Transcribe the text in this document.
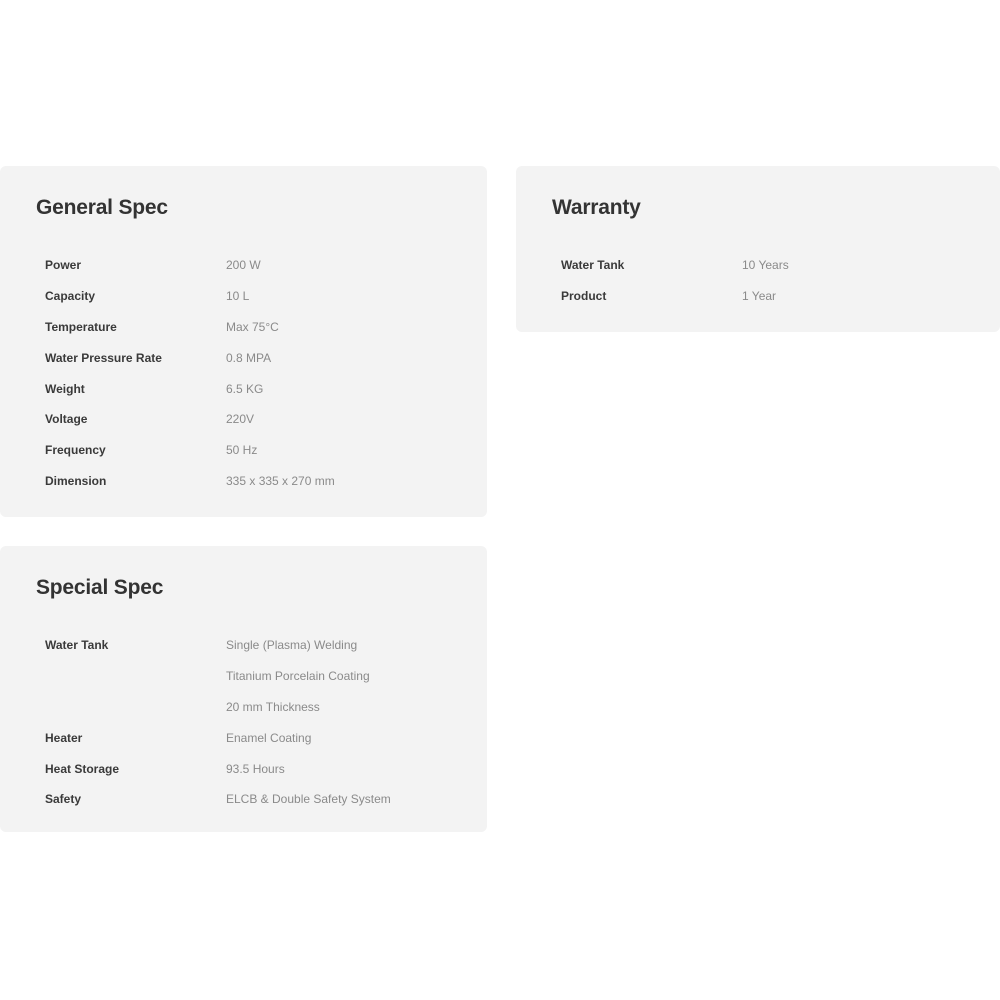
General Spec
Power	200 W
Capacity	10 L
Temperature	Max 75°C
Water Pressure Rate	0.8 MPA
Weight	6.5 KG
Voltage	220V
Frequency	50 Hz
Dimension	335 x 335 x 270 mm
Warranty
Water Tank	10 Years
Product	1 Year
Special Spec
Water Tank	Single (Plasma) Welding
Titanium Porcelain Coating
20 mm Thickness

Heater	Enamel Coating
Heat Storage	93.5 Hours
Safety	ELCB & Double Safety System
